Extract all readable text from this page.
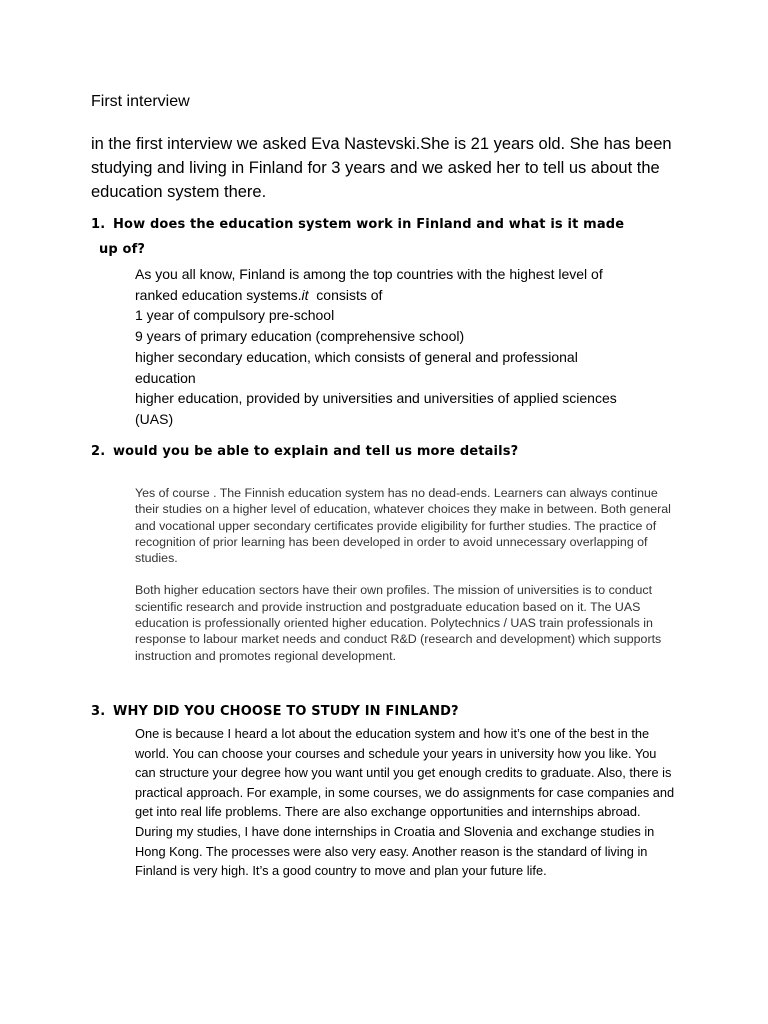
First interview

in the first interview we asked Eva Nastevski.She is 21 years old. She has been studying and living in Finland for 3 years and we asked her to tell us about the education system there.

1. How does the education system work in Finland and what is it made
up of?
As you all know, Finland is among the top countries with the highest level of
ranked education systems.it  consists of
1 year of compulsory pre-school
9 years of primary education (comprehensive school)
higher secondary education, which consists of general and professional
education
higher education, provided by universities and universities of applied sciences
(UAS)
2. would you be able to explain and tell us more details?

Yes of course . The Finnish education system has no dead-ends. Learners can always continue their studies on a higher level of education, whatever choices they make in between. Both general and vocational upper secondary certificates provide eligibility for further studies. The practice of recognition of prior learning has been developed in order to avoid unnecessary overlapping of studies.

Both higher education sectors have their own profiles. The mission of universities is to conduct scientific research and provide instruction and postgraduate education based on it. The UAS education is professionally oriented higher education. Polytechnics / UAS train professionals in response to labour market needs and conduct R&D (research and development) which supports instruction and promotes regional development.

3. WHY DID YOU CHOOSE TO STUDY IN FINLAND?

One is because I heard a lot about the education system and how it’s one of the best in the world. You can choose your courses and schedule your years in university how you like. You can structure your degree how you want until you get enough credits to graduate. Also, there is practical approach. For example, in some courses, we do assignments for case companies and get into real life problems. There are also exchange opportunities and internships abroad. During my studies, I have done internships in Croatia and Slovenia and exchange studies in Hong Kong. The processes were also very easy. Another reason is the standard of living in Finland is very high. It’s a good country to move and plan your future life.
